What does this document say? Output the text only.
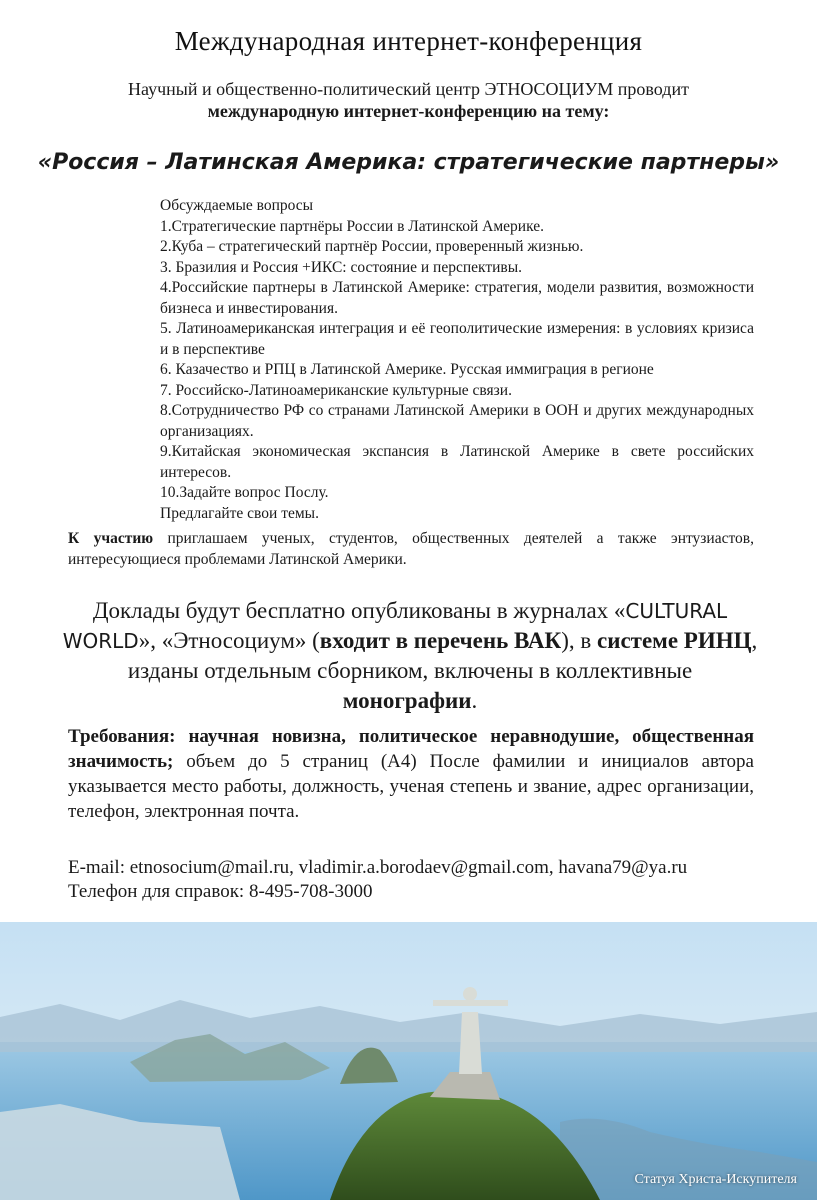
Международная интернет-конференция
Научный и общественно-политический центр ЭТНОСОЦИУМ проводит
международную интернет-конференцию на тему:
«Россия – Латинская Америка: стратегические партнеры»
Обсуждаемые вопросы
1.Стратегические партнёры России в Латинской Америке.
2.Куба – стратегический партнёр России, проверенный жизнью.
3. Бразилия и Россия +ИКС: состояние и перспективы.
4.Российские партнеры в Латинской Америке: стратегия, модели развития, возможности бизнеса и инвестирования.
5. Латиноамериканская интеграция и её геополитические измерения: в условиях кризиса и в перспективе
6. Казачество и РПЦ в Латинской Америке. Русская иммиграция в регионе
7. Российско-Латиноамериканские культурные связи.
8.Сотрудничество РФ со странами Латинской Америки в ООН и других международных организациях.
9.Китайская экономическая экспансия в Латинской Америке в свете российских интересов.
10.Задайте вопрос Послу.
Предлагайте свои темы.
К участию приглашаем ученых, студентов, общественных деятелей а также энтузиастов, интересующиеся проблемами Латинской Америки.
Доклады будут бесплатно опубликованы в журналах «CULTURAL WORLD», «Этносоциум» (входит в перечень ВАК), в системе РИНЦ, изданы отдельным сборником, включены в коллективные монографии.
Требования: научная новизна, политическое неравнодушие, общественная значимость; объем до 5 страниц (А4) После фамилии и инициалов автора указывается место работы, должность, ученая степень и звание, адрес организации, телефон, электронная почта.
E-mail: etnosocium@mail.ru, vladimir.a.borodaev@gmail.com, havana79@ya.ru
Телефон для справок: 8-495-708-3000
Статуя Христа-Искупителя
